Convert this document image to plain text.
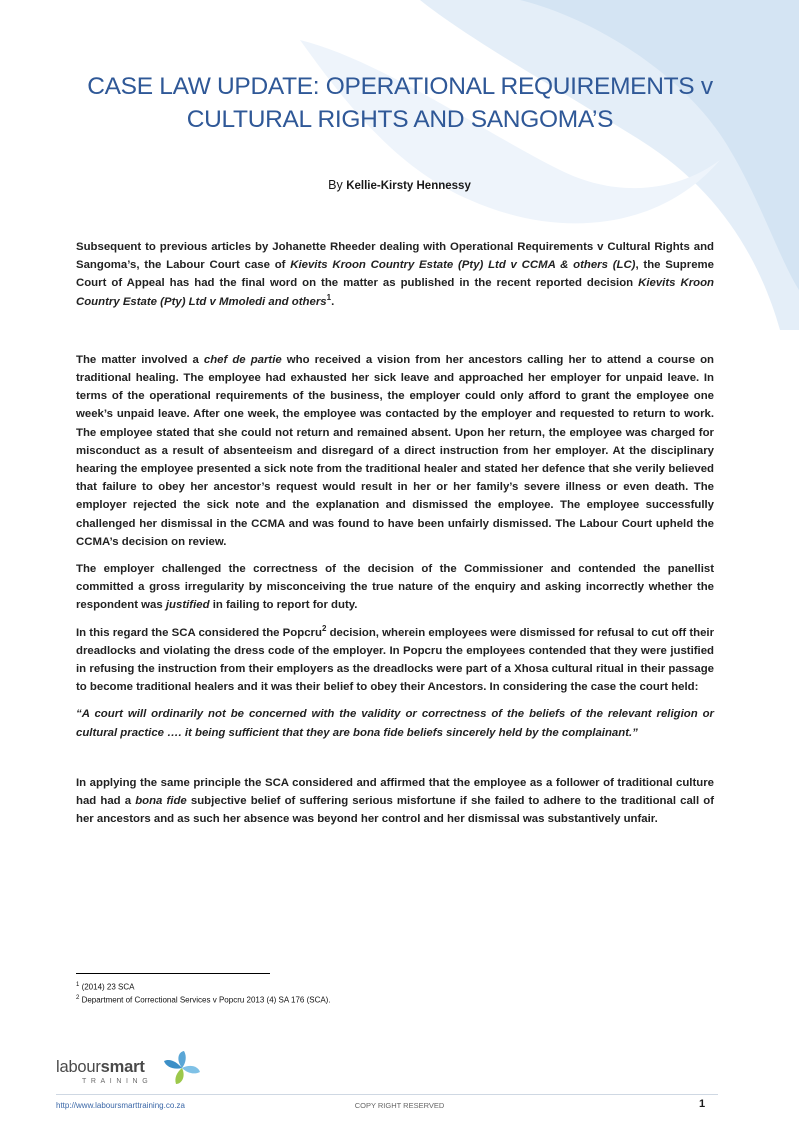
CASE LAW UPDATE: OPERATIONAL REQUIREMENTS v
CULTURAL RIGHTS AND SANGOMA’S
By Kellie-Kirsty Hennessy

Subsequent to previous articles by Johanette Rheeder dealing with Operational Requirements v Cultural Rights and Sangoma’s, the Labour Court case of Kievits Kroon Country Estate (Pty) Ltd v CCMA & others (LC), the Supreme Court of Appeal has had the final word on the matter as published in the recent reported decision Kievits Kroon Country Estate (Pty) Ltd v Mmoledi and others$^1$.

The matter involved a chef de partie who received a vision from her ancestors calling her to attend a course on traditional healing. The employee had exhausted her sick leave and approached her employer for unpaid leave. In terms of the operational requirements of the business, the employer could only afford to grant the employee one week’s unpaid leave. After one week, the employee was contacted by the employer and requested to return to work. The employee stated that she could not return and remained absent. Upon her return, the employee was charged for misconduct as a result of absenteeism and disregard of a direct instruction from her employer. At the disciplinary hearing the employee presented a sick note from the traditional healer and stated her defence that she verily believed that failure to obey her ancestor’s request would result in her or her family’s severe illness or even death. The employer rejected the sick note and the explanation and dismissed the employee. The employee successfully challenged her dismissal in the CCMA and was found to have been unfairly dismissed. The Labour Court upheld the CCMA’s decision on review.

The employer challenged the correctness of the decision of the Commissioner and contended the panellist committed a gross irregularity by misconceiving the true nature of the enquiry and asking incorrectly whether the respondent was justified in failing to report for duty.

In this regard the SCA considered the Popcru$^2$ decision, wherein employees were dismissed for refusal to cut off their dreadlocks and violating the dress code of the employer. In Popcru the employees contended that they were justified in refusing the instruction from their employers as the dreadlocks were part of a Xhosa cultural ritual in their passage to become traditional healers and it was their belief to obey their Ancestors. In considering the case the court held:

“A court will ordinarily not be concerned with the validity or correctness of the beliefs of the relevant religion or cultural practice …. it being sufficient that they are bona fide beliefs sincerely held by the complainant.”

In applying the same principle the SCA considered and affirmed that the employee as a follower of traditional culture had had a bona fide subjective belief of suffering serious misfortune if she failed to adhere to the traditional call of her ancestors and as such her absence was beyond her control and her dismissal was substantively unfair.

$^1$ (2014) 23 SCA
$^2$ Department of Correctional Services v Popcru 2013 (4) SA 176 (SCA).
laboursmart
TRAINING
http://www.laboursmarttraining.co.za	COPY RIGHT RESERVED	1
